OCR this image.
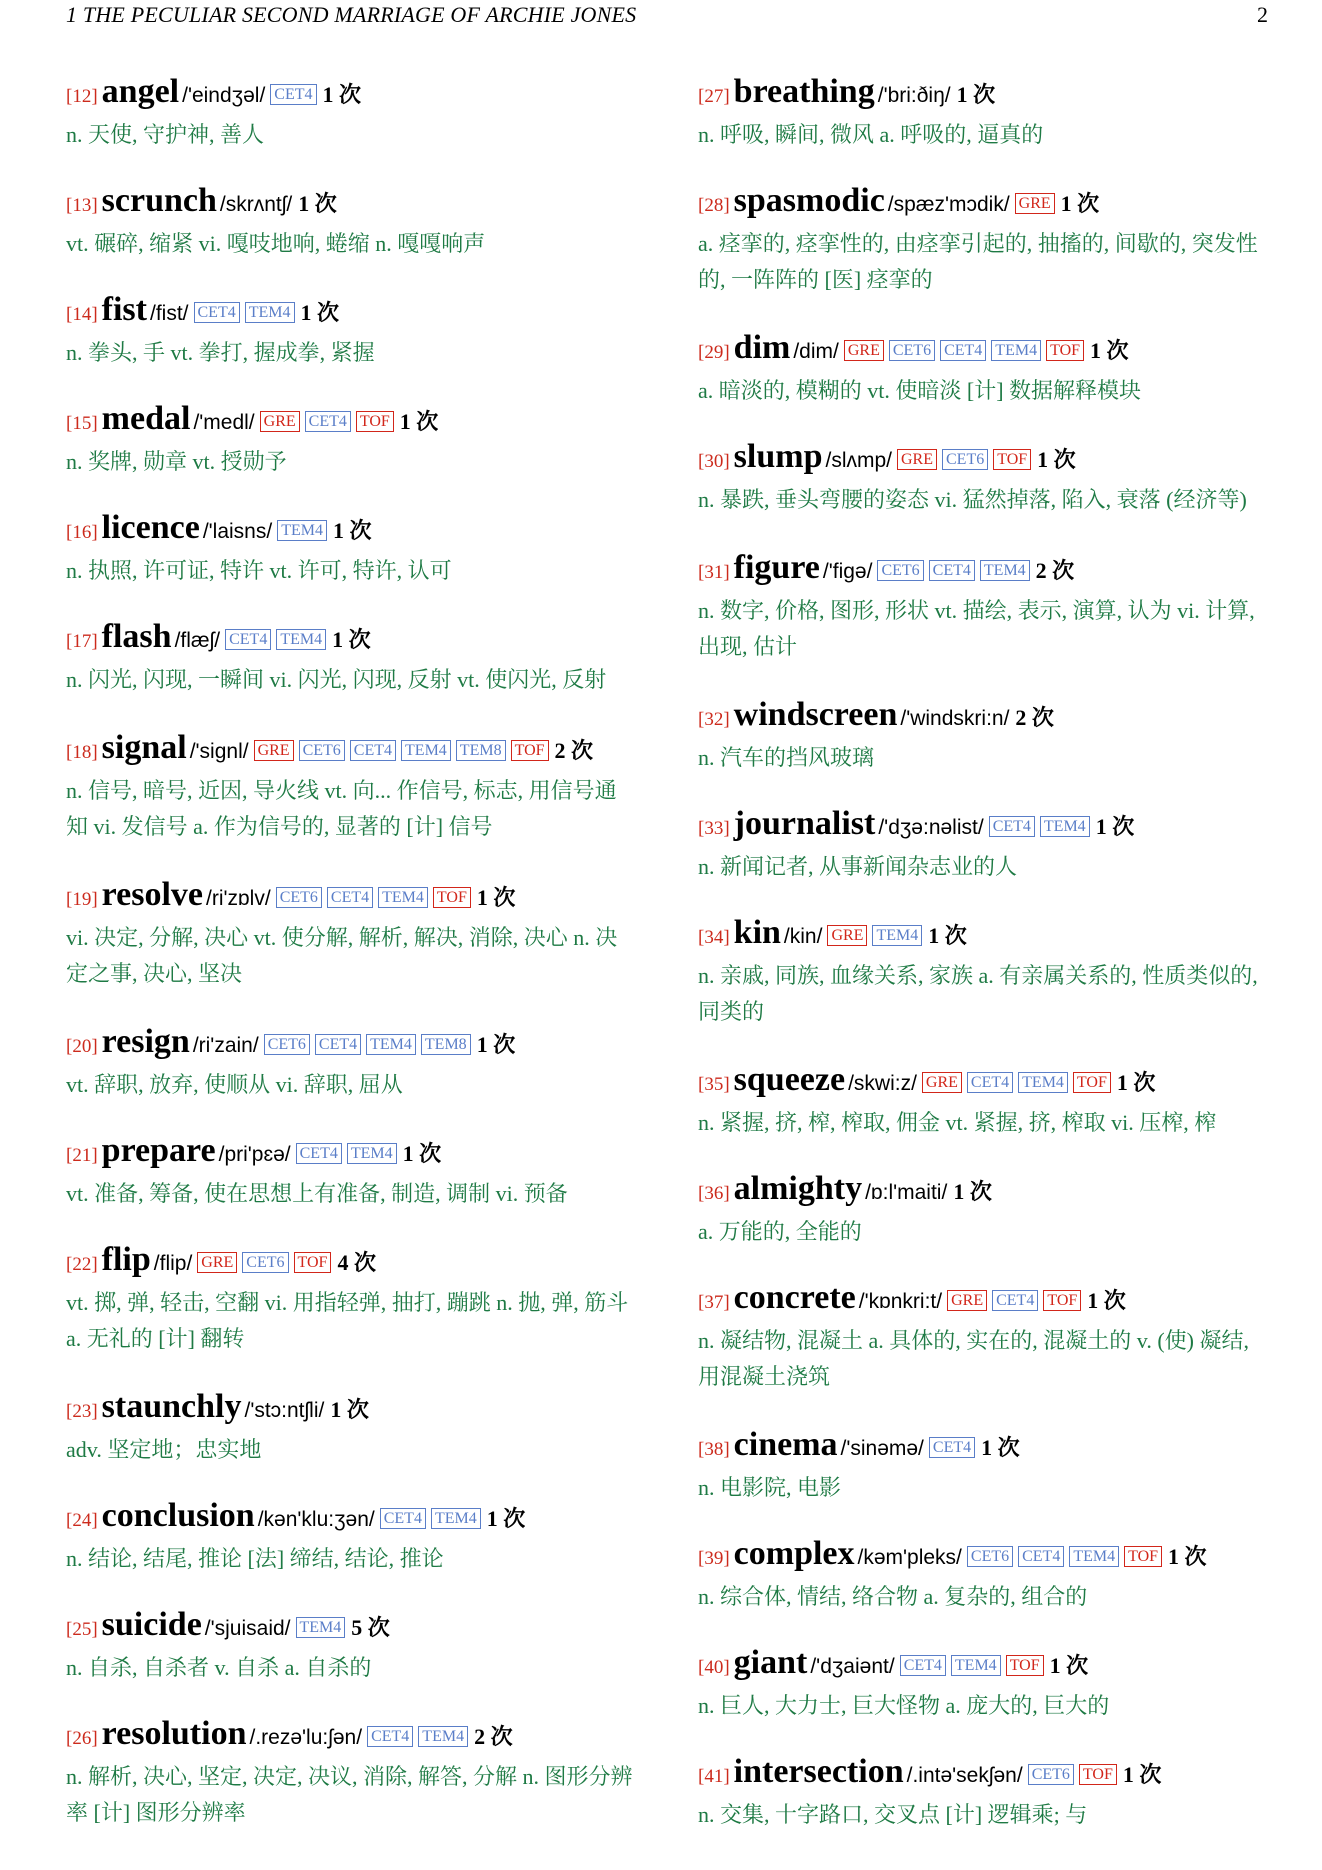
1 THE PECULIAR SECOND MARRIAGE OF ARCHIE JONES	2
[12] angel /'eindʒəl/ CET4 1 次
n. 天使, 守护神, 善人
[13] scrunch /skrʌntʃ/ 1 次
vt. 碾碎, 缩紧 vi. 嘎吱地响, 蜷缩 n. 嘎嘎响声
[14] fist /fist/ CET4 TEM4 1 次
n. 拳头, 手 vt. 拳打, 握成拳, 紧握
[15] medal /'medl/ GRE CET4 TOF 1 次
n. 奖牌, 勋章 vt. 授勋予
[16] licence /'laisns/ TEM4 1 次
n. 执照, 许可证, 特许 vt. 许可, 特许, 认可
[17] flash /flæʃ/ CET4 TEM4 1 次
n. 闪光, 闪现, 一瞬间 vi. 闪光, 闪现, 反射 vt. 使闪光, 反射
[18] signal /'signl/ GRE CET6 CET4 TEM4 TEM8 TOF 2 次
n. 信号, 暗号, 近因, 导火线 vt. 向... 作信号, 标志, 用信号通知 vi. 发信号 a. 作为信号的, 显著的 [计] 信号
[19] resolve /ri'zɒlv/ CET6 CET4 TEM4 TOF 1 次
vi. 决定, 分解, 决心 vt. 使分解, 解析, 解决, 消除, 决心 n. 决定之事, 决心, 坚决
[20] resign /ri'zain/ CET6 CET4 TEM4 TEM8 1 次
vt. 辞职, 放弃, 使顺从 vi. 辞职, 屈从
[21] prepare /pri'pɛə/ CET4 TEM4 1 次
vt. 准备, 筹备, 使在思想上有准备, 制造, 调制 vi. 预备
[22] flip /flip/ GRE CET6 TOF 4 次
vt. 掷, 弹, 轻击, 空翻 vi. 用指轻弹, 抽打, 蹦跳 n. 抛, 弹, 筋斗 a. 无礼的 [计] 翻转
[23] staunchly /'stɔ:ntʃli/ 1 次
adv. 坚定地；忠实地
[24] conclusion /kən'klu:ʒən/ CET4 TEM4 1 次
n. 结论, 结尾, 推论 [法] 缔结, 结论, 推论
[25] suicide /'sjuisaid/ TEM4 5 次
n. 自杀, 自杀者 v. 自杀 a. 自杀的
[26] resolution /.rezə'lu:ʃən/ CET4 TEM4 2 次
n. 解析, 决心, 坚定, 决定, 决议, 消除, 解答, 分解 n. 图形分辨率 [计] 图形分辨率
[27] breathing /'bri:ðiŋ/ 1 次
n. 呼吸, 瞬间, 微风 a. 呼吸的, 逼真的
[28] spasmodic /spæz'mɔdik/ GRE 1 次
a. 痉挛的, 痉挛性的, 由痉挛引起的, 抽搐的, 间歇的, 突发性的, 一阵阵的 [医] 痉挛的
[29] dim /dim/ GRE CET6 CET4 TEM4 TOF 1 次
a. 暗淡的, 模糊的 vt. 使暗淡 [计] 数据解释模块
[30] slump /slʌmp/ GRE CET6 TOF 1 次
n. 暴跌, 垂头弯腰的姿态 vi. 猛然掉落, 陷入, 衰落 (经济等)
[31] figure /'figə/ CET6 CET4 TEM4 2 次
n. 数字, 价格, 图形, 形状 vt. 描绘, 表示, 演算, 认为 vi. 计算, 出现, 估计
[32] windscreen /'windskri:n/ 2 次
n. 汽车的挡风玻璃
[33] journalist /'dʒə:nəlist/ CET4 TEM4 1 次
n. 新闻记者, 从事新闻杂志业的人
[34] kin /kin/ GRE TEM4 1 次
n. 亲戚, 同族, 血缘关系, 家族 a. 有亲属关系的, 性质类似的, 同类的
[35] squeeze /skwi:z/ GRE CET4 TEM4 TOF 1 次
n. 紧握, 挤, 榨, 榨取, 佣金 vt. 紧握, 挤, 榨取 vi. 压榨, 榨
[36] almighty /ɒ:l'maiti/ 1 次
a. 万能的, 全能的
[37] concrete /'kɒnkri:t/ GRE CET4 TOF 1 次
n. 凝结物, 混凝土 a. 具体的, 实在的, 混凝土的 v. (使) 凝结, 用混凝土浇筑
[38] cinema /'sinəmə/ CET4 1 次
n. 电影院, 电影
[39] complex /kəm'pleks/ CET6 CET4 TEM4 TOF 1 次
n. 综合体, 情结, 络合物 a. 复杂的, 组合的
[40] giant /'dʒaiənt/ CET4 TEM4 TOF 1 次
n. 巨人, 大力士, 巨大怪物 a. 庞大的, 巨大的
[41] intersection /.intə'sekʃən/ CET6 TOF 1 次
n. 交集, 十字路口, 交叉点 [计] 逻辑乘; 与
